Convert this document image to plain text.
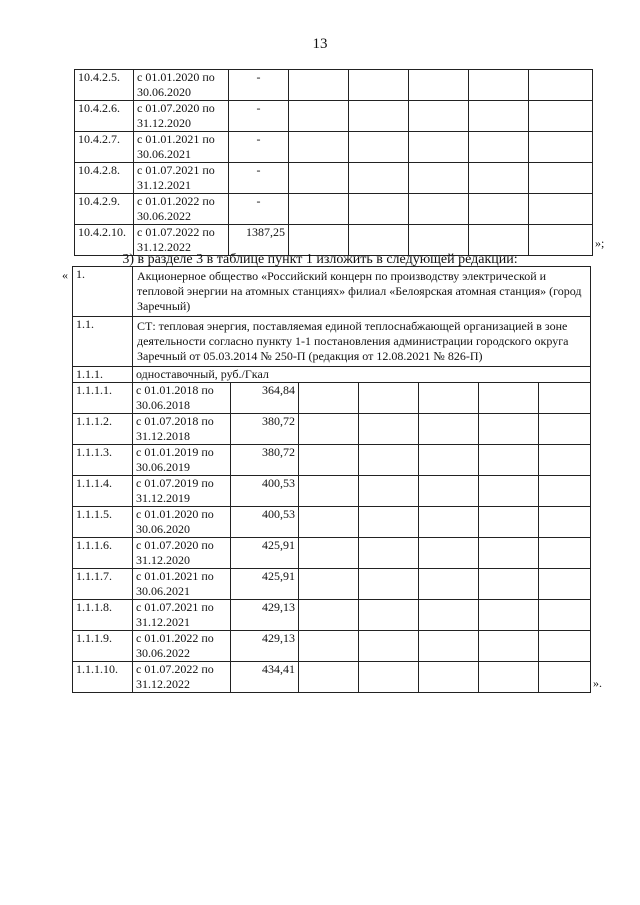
13
10.4.2.5.	с 01.01.2020 по 30.06.2020	-					
10.4.2.6.	с 01.07.2020 по 31.12.2020	-					
10.4.2.7.	с 01.01.2021 по 30.06.2021	-					
10.4.2.8.	с 01.07.2021 по 31.12.2021	-					
10.4.2.9.	с 01.01.2022 по 30.06.2022	-					
10.4.2.10.	с 01.07.2022 по 31.12.2022	1387,25					
»;
3) в разделе 3 в таблице пункт 1 изложить в следующей редакции:
« 1.	Акционерное общество «Российский концерн по производству электрической и тепловой энергии на атомных станциях» филиал «Белоярская атомная станция» (город Заречный)						
1.1.	СТ: тепловая энергия, поставляемая единой теплоснабжающей организацией в зоне деятельности согласно пункту 1-1 постановления администрации городского округа Заречный от 05.03.2014 № 250-П (редакция от 12.08.2021 № 826-П)						
1.1.1.	одноставочный, руб./Гкал						
1.1.1.1.	с 01.01.2018 по 30.06.2018	364,84					
1.1.1.2.	с 01.07.2018 по 31.12.2018	380,72					
1.1.1.3.	с 01.01.2019 по 30.06.2019	380,72					
1.1.1.4.	с 01.07.2019 по 31.12.2019	400,53					
1.1.1.5.	с 01.01.2020 по 30.06.2020	400,53					
1.1.1.6.	с 01.07.2020 по 31.12.2020	425,91					
1.1.1.7.	с 01.01.2021 по 30.06.2021	425,91					
1.1.1.8.	с 01.07.2021 по 31.12.2021	429,13					
1.1.1.9.	с 01.01.2022 по 30.06.2022	429,13					
1.1.1.10.	с 01.07.2022 по 31.12.2022	434,41					
».
